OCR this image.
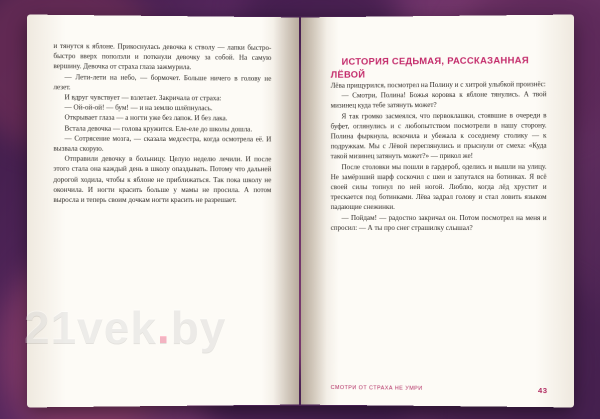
и тянутся к яблоне. Прикоснулась девочка к стволу — лапки быстро-быстро вверх поползли и поткнули девочку за собой. На самую вершину. Девочка от страха глаза зажмурила.

— Лети-лети на небо, — бормочет. Больше ничего в голову не лезет.

И вдруг чувствует — взлетает. Закричала от страха:

— Ой-ой-ой! — бум! — и на землю шлёпнулась.

Открывает глаза — а ногти уже без лапок. И без лака.

Встала девочка — голова кружится. Еле-еле до школы дошла.

— Сотрясение мозга, — сказала медсестра, когда осмотрела её. И вызвала скорую.

Отправили девочку в больницу. Целую неделю лечили. И после этого стала она каждый день в школу опаздывать. Потому что дальней дорогой ходила, чтобы к яблоне не приближаться. Так пока школу не окончила. И ногти красить больше у мамы не просила. А потом выросла и теперь своим дочкам ногти красить не разрешает.

ИСТОРИЯ СЕДЬМАЯ, РАССКАЗАННАЯ ЛЁВОЙ

Лёва прищурился, посмотрел на Полину и с хитрой улыбкой произнёс:

— Смотри, Полина! Божья коровка к яблоне тянулись. А твой мизинец куда тебе затянуть может?

Я так громко засмеялся, что первоклашки, стоявшие в очереди в буфет, оглянулись и с любопытством посмотрели в нашу сторону. Полина фыркнула, вскочила и убежала к соседнему столику — к подружкам. Мы с Лёвой переглянулись и прыснули от смеха: «Куда такой мизинец затянуть может?» — прикол же!

После столовки мы пошли в гардероб, оделись и вышли на улицу. Не замёрзший шарф соскочил с шеи и запутался на ботинках. Я всё своей силы топнул по ней ногой. Люблю, когда лёд хрустит и трескается под ботинками. Лёва задрал голову и стал ловить языком падающие снежинки.

— Пойдам! — радостно закричал он. Потом посмотрел на меня и спросил: — А ты про снег страшилку слышал?

СМОТРИ ОТ СТРАХА НЕ УМРИ	43
21vek.by
